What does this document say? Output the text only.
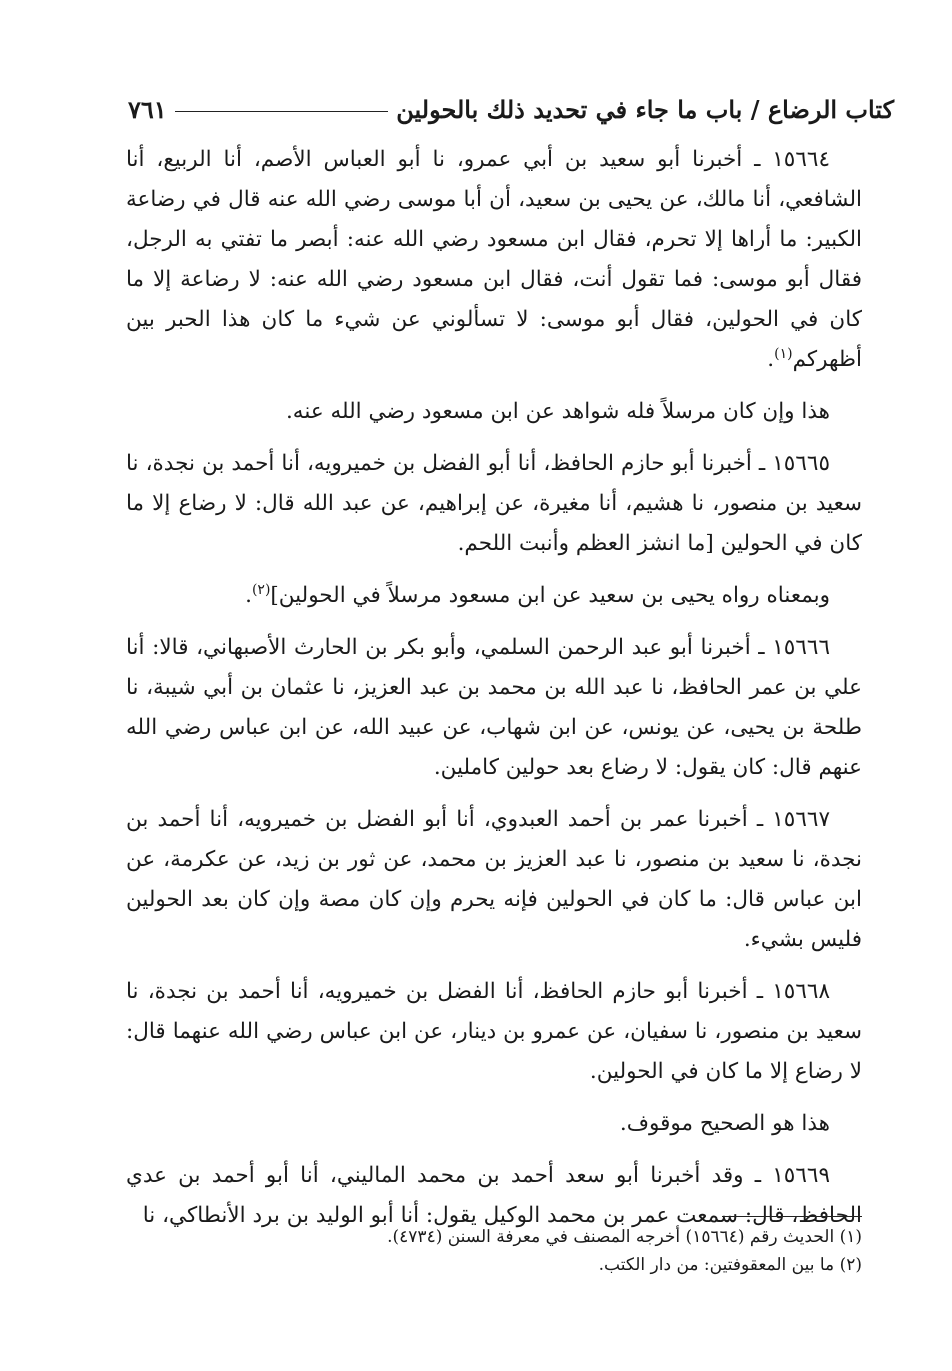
كتاب الرضاع / باب ما جاء في تحديد ذلك بالحولين
٧٦١

١٥٦٦٤ ـ أخبرنا أبو سعيد بن أبي عمرو، نا أبو العباس الأصم، أنا الربيع، أنا الشافعي، أنا مالك، عن يحيى بن سعيد، أن أبا موسى رضي الله عنه قال في رضاعة الكبير: ما أراها إلا تحرم، فقال ابن مسعود رضي الله عنه: أبصر ما تفتي به الرجل، فقال أبو موسى: فما تقول أنت، فقال ابن مسعود رضي الله عنه: لا رضاعة إلا ما كان في الحولين، فقال أبو موسى: لا تسألوني عن شيء ما كان هذا الحبر بين أظهركم$^{(١)}$.

هذا وإن كان مرسلاً فله شواهد عن ابن مسعود رضي الله عنه.

١٥٦٦٥ ـ أخبرنا أبو حازم الحافظ، أنا أبو الفضل بن خميرويه، أنا أحمد بن نجدة، نا سعيد بن منصور، نا هشيم، أنا مغيرة، عن إبراهيم، عن عبد الله قال: لا رضاع إلا ما كان في الحولين [ما انشز العظم وأنبت اللحم.

وبمعناه رواه يحيى بن سعيد عن ابن مسعود مرسلاً في الحولين]$^{(٢)}$.

١٥٦٦٦ ـ أخبرنا أبو عبد الرحمن السلمي، وأبو بكر بن الحارث الأصبهاني، قالا: أنا علي بن عمر الحافظ، نا عبد الله بن محمد بن عبد العزيز، نا عثمان بن أبي شيبة، نا طلحة بن يحيى، عن يونس، عن ابن شهاب، عن عبيد الله، عن ابن عباس رضي الله عنهم قال: كان يقول: لا رضاع بعد حولين كاملين.

١٥٦٦٧ ـ أخبرنا عمر بن أحمد العبدوي، أنا أبو الفضل بن خميرويه، أنا أحمد بن نجدة، نا سعيد بن منصور، نا عبد العزيز بن محمد، عن ثور بن زيد، عن عكرمة، عن ابن عباس قال: ما كان في الحولين فإنه يحرم وإن كان مصة وإن كان بعد الحولين فليس بشيء.

١٥٦٦٨ ـ أخبرنا أبو حازم الحافظ، أنا الفضل بن خميرويه، أنا أحمد بن نجدة، نا سعيد بن منصور، نا سفيان، عن عمرو بن دينار، عن ابن عباس رضي الله عنهما قال: لا رضاع إلا ما كان في الحولين.

هذا هو الصحيح موقوف.

١٥٦٦٩ ـ وقد أخبرنا أبو سعد أحمد بن محمد الماليني، أنا أبو أحمد بن عدي الحافظ، قال: سمعت عمر بن محمد الوكيل يقول: أنا أبو الوليد بن برد الأنطاكي، نا

(١) الحديث رقم (١٥٦٦٤) أخرجه المصنف في معرفة السنن (٤٧٣٤).
(٢) ما بين المعقوفتين: من دار الكتب.
